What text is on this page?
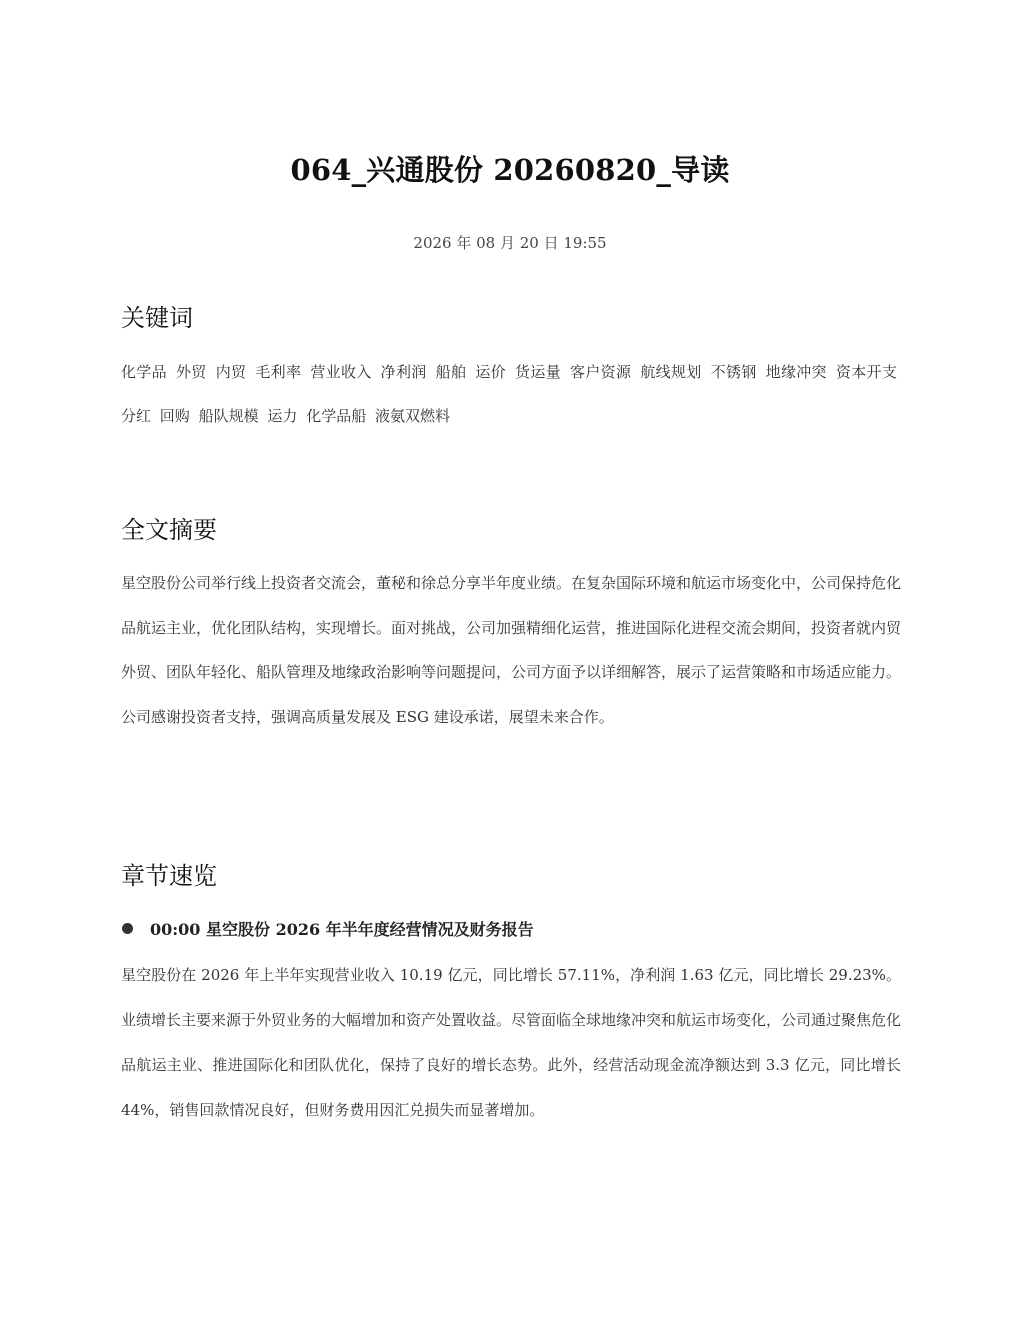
064_兴通股份 20260820_导读
2026 年 08 月 20 日 19:55
关键词
化学品 外贸 内贸 毛利率 营业收入 净利润 船舶 运价 货运量 客户资源 航线规划 不锈钢 地缘冲突 资本开支 分红 回购 船队规模 运力 化学品船 液氨双燃料
全文摘要

星空股份公司举行线上投资者交流会，董秘和徐总分享半年度业绩。在复杂国际环境和航运市场变化中，公司保持危化品航运主业，优化团队结构，实现增长。面对挑战，公司加强精细化运营，推进国际化进程交流会期间，投资者就内贸外贸、团队年轻化、船队管理及地缘政治影响等问题提问，公司方面予以详细解答，展示了运营策略和市场适应能力。公司感谢投资者支持，强调高质量发展及 ESG 建设承诺，展望未来合作。

章节速览
00:00 星空股份 2026 年半年度经营情况及财务报告

星空股份在 2026 年上半年实现营业收入 10.19 亿元，同比增长 57.11%，净利润 1.63 亿元，同比增长 29.23%。业绩增长主要来源于外贸业务的大幅增加和资产处置收益。尽管面临全球地缘冲突和航运市场变化，公司通过聚焦危化品航运主业、推进国际化和团队优化，保持了良好的增长态势。此外，经营活动现金流净额达到 3.3 亿元，同比增长 44%，销售回款情况良好，但财务费用因汇兑损失而显著增加。
